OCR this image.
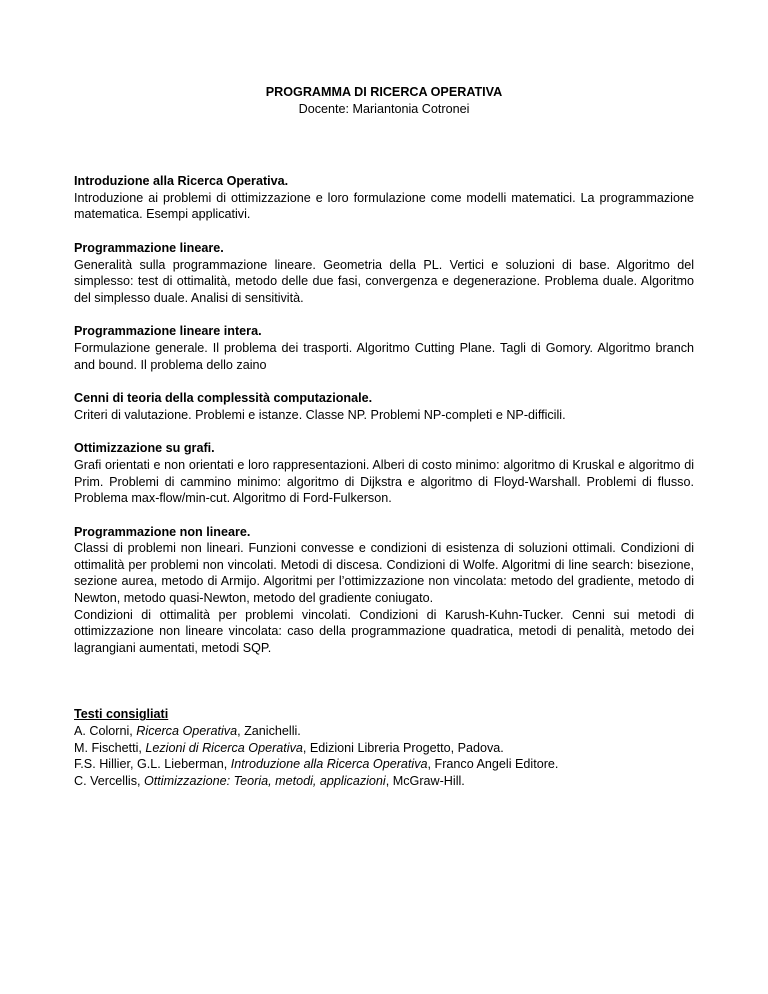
PROGRAMMA DI RICERCA OPERATIVA
Docente: Mariantonia Cotronei
Introduzione alla Ricerca Operativa.

Introduzione ai problemi di ottimizzazione e loro formulazione come modelli matematici. La programmazione matematica. Esempi applicativi.

Programmazione lineare.

Generalità sulla programmazione lineare. Geometria della PL. Vertici e soluzioni di base. Algoritmo del simplesso: test di ottimalità, metodo delle due fasi, convergenza e degenerazione. Problema duale. Algoritmo del simplesso duale. Analisi di sensitività.

Programmazione lineare intera.

Formulazione generale. Il problema dei trasporti. Algoritmo Cutting Plane. Tagli di Gomory. Algoritmo branch and bound. Il problema dello zaino

Cenni di teoria della complessità computazionale.

Criteri di valutazione. Problemi e istanze. Classe NP. Problemi NP-completi e NP-difficili.

Ottimizzazione su grafi.

Grafi orientati e non orientati e loro rappresentazioni. Alberi di costo minimo: algoritmo di Kruskal e algoritmo di Prim. Problemi di cammino minimo: algoritmo di Dijkstra e algoritmo di Floyd-Warshall. Problemi di flusso. Problema max-flow/min-cut. Algoritmo di Ford-Fulkerson.

Programmazione non lineare.

Classi di problemi non lineari. Funzioni convesse e condizioni di esistenza di soluzioni ottimali. Condizioni di ottimalità per problemi non vincolati. Metodi di discesa. Condizioni di Wolfe. Algoritmi di line search: bisezione, sezione aurea, metodo di Armijo. Algoritmi per l’ottimizzazione non vincolata: metodo del gradiente, metodo di Newton, metodo quasi-Newton, metodo del gradiente coniugato.

Condizioni di ottimalità per problemi vincolati. Condizioni di Karush-Kuhn-Tucker. Cenni sui metodi di ottimizzazione non lineare vincolata: caso della programmazione quadratica, metodi di penalità, metodo dei lagrangiani aumentati, metodi SQP.

Testi consigliati
A. Colorni, Ricerca Operativa, Zanichelli.
M. Fischetti, Lezioni di Ricerca Operativa, Edizioni Libreria Progetto, Padova.
F.S. Hillier, G.L. Lieberman, Introduzione alla Ricerca Operativa, Franco Angeli Editore.
C. Vercellis, Ottimizzazione: Teoria, metodi, applicazioni, McGraw-Hill.
